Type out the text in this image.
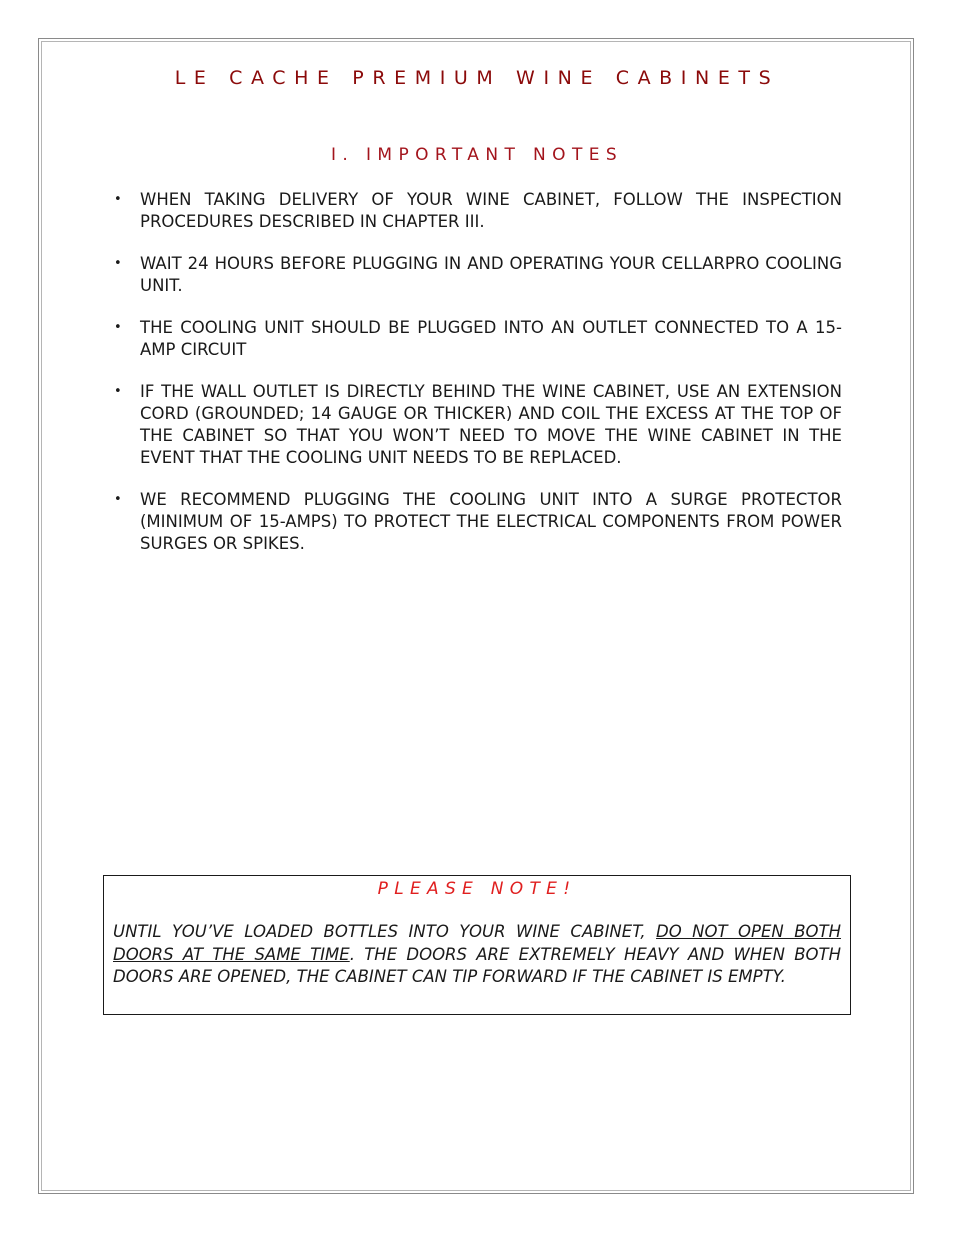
LE CACHE PREMIUM WINE CABINETS
I. IMPORTANT NOTES
• WHEN TAKING DELIVERY OF YOUR WINE CABINET, FOLLOW THE INSPECTION PROCEDURES DESCRIBED IN CHAPTER III.
• WAIT 24 HOURS BEFORE PLUGGING IN AND OPERATING YOUR CELLARPRO COOLING UNIT.
• THE COOLING UNIT SHOULD BE PLUGGED INTO AN OUTLET CONNECTED TO A 15-AMP CIRCUIT
• IF THE WALL OUTLET IS DIRECTLY BEHIND THE WINE CABINET, USE AN EXTENSION CORD (GROUNDED; 14 GAUGE OR THICKER) AND COIL THE EXCESS AT THE TOP OF THE CABINET SO THAT YOU WON’T NEED TO MOVE THE WINE CABINET IN THE EVENT THAT THE COOLING UNIT NEEDS TO BE REPLACED.
• WE RECOMMEND PLUGGING THE COOLING UNIT INTO A SURGE PROTECTOR (MINIMUM OF 15-AMPS) TO PROTECT THE ELECTRICAL COMPONENTS FROM POWER SURGES OR SPIKES.

PLEASE NOTE!

UNTIL YOU’VE LOADED BOTTLES INTO YOUR WINE CABINET, DO NOT OPEN BOTH DOORS AT THE SAME TIME. THE DOORS ARE EXTREMELY HEAVY AND WHEN BOTH DOORS ARE OPENED, THE CABINET CAN TIP FORWARD IF THE CABINET IS EMPTY.
